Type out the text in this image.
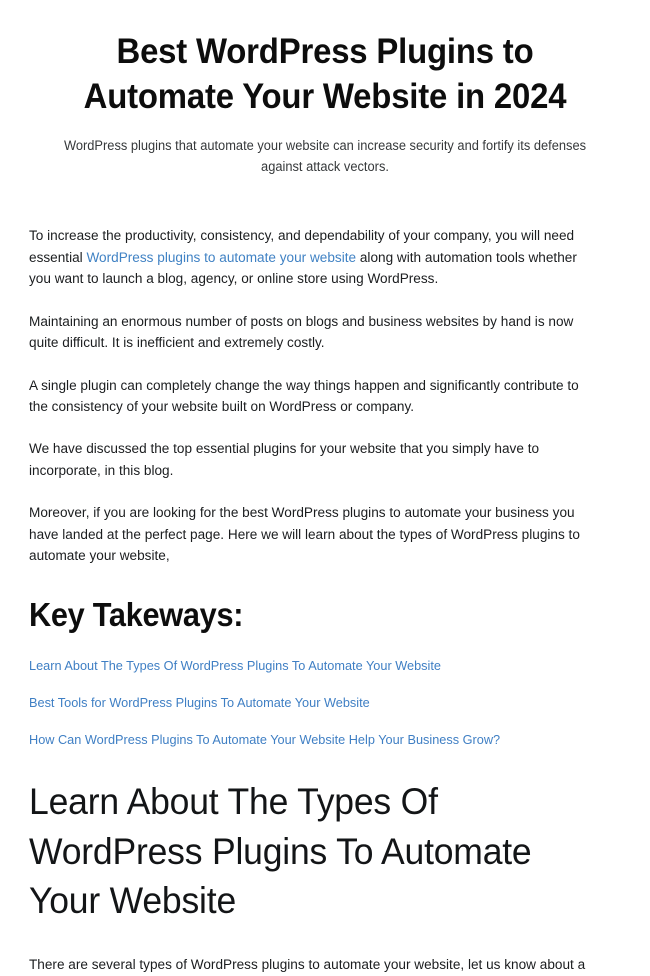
Best WordPress Plugins to Automate Your Website in 2024

WordPress plugins that automate your website can increase security and fortify its defenses against attack vectors.

To increase the productivity, consistency, and dependability of your company, you will need essential WordPress plugins to automate your website along with automation tools whether you want to launch a blog, agency, or online store using WordPress.

Maintaining an enormous number of posts on blogs and business websites by hand is now quite difficult. It is inefficient and extremely costly.

A single plugin can completely change the way things happen and significantly contribute to the consistency of your website built on WordPress or company.

We have discussed the top essential plugins for your website that you simply have to incorporate, in this blog.

Moreover, if you are looking for the best WordPress plugins to automate your business you have landed at the perfect page. Here we will learn about the types of WordPress plugins to automate your website,

Key Takeways:
Learn About The Types Of WordPress Plugins To Automate Your Website
Best Tools for WordPress Plugins To Automate Your Website
How Can WordPress Plugins To Automate Your Website Help Your Business Grow?
Learn About The Types Of WordPress Plugins To Automate Your Website

There are several types of WordPress plugins to automate your website, let us know about a
